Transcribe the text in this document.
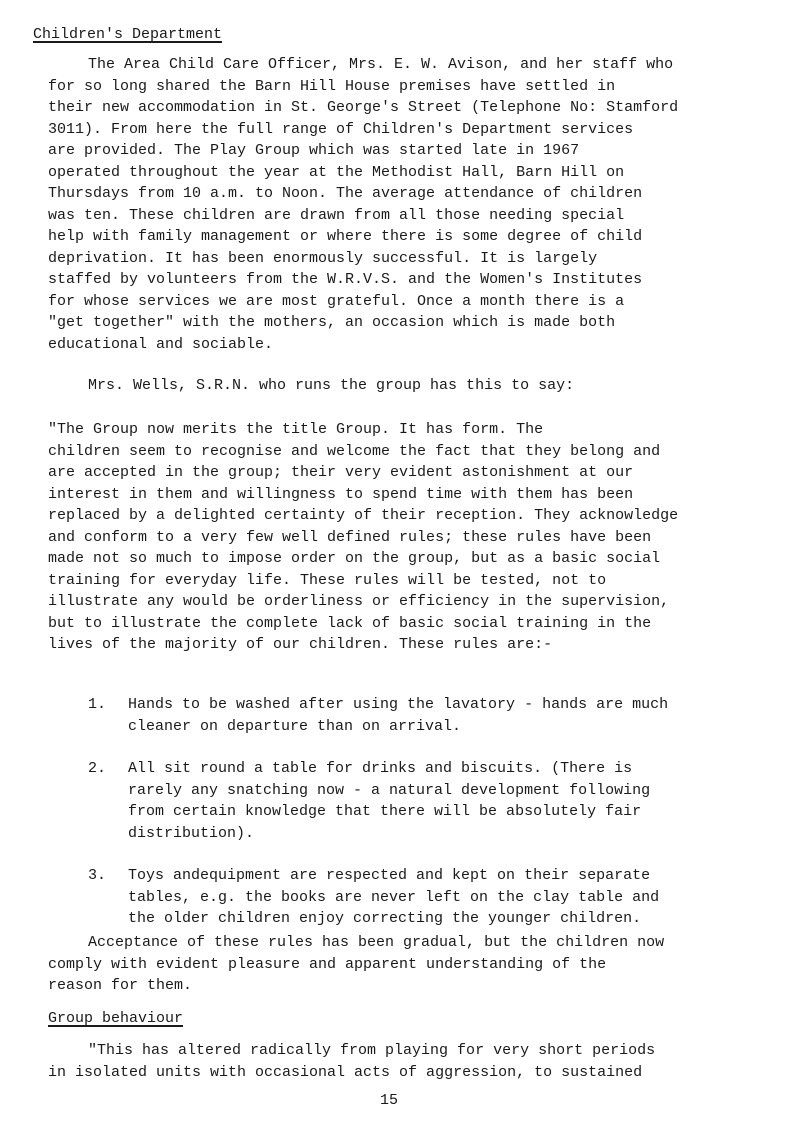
Children's Department
The Area Child Care Officer, Mrs. E. W. Avison, and her staff who
for so long shared the Barn Hill House premises have settled in
their new accommodation in St. George's Street (Telephone No: Stamford
3011). From here the full range of Children's Department services
are provided. The Play Group which was started late in 1967
operated throughout the year at the Methodist Hall, Barn Hill on
Thursdays from 10 a.m. to Noon. The average attendance of children
was ten. These children are drawn from all those needing special
help with family management or where there is some degree of child
deprivation. It has been enormously successful. It is largely
staffed by volunteers from the W.R.V.S. and the Women's Institutes
for whose services we are most grateful. Once a month there is a
"get together" with the mothers, an occasion which is made both
educational and sociable.
Mrs. Wells, S.R.N. who runs the group has this to say:
"The Group now merits the title Group. It has form. The
children seem to recognise and welcome the fact that they belong and
are accepted in the group; their very evident astonishment at our
interest in them and willingness to spend time with them has been
replaced by a delighted certainty of their reception. They acknowledge
and conform to a very few well defined rules; these rules have been
made not so much to impose order on the group, but as a basic social
training for everyday life. These rules will be tested, not to
illustrate any would be orderliness or efficiency in the supervision,
but to illustrate the complete lack of basic social training in the
lives of the majority of our children. These rules are:-
1. Hands to be washed after using the lavatory - hands are much
cleaner on departure than on arrival.
2. All sit round a table for drinks and biscuits. (There is
rarely any snatching now - a natural development following
from certain knowledge that there will be absolutely fair
distribution).
3. Toys andequipment are respected and kept on their separate
tables, e.g. the books are never left on the clay table and
the older children enjoy correcting the younger children.
Acceptance of these rules has been gradual, but the children now
comply with evident pleasure and apparent understanding of the
reason for them.
Group behaviour
"This has altered radically from playing for very short periods
in isolated units with occasional acts of aggression, to sustained
15
